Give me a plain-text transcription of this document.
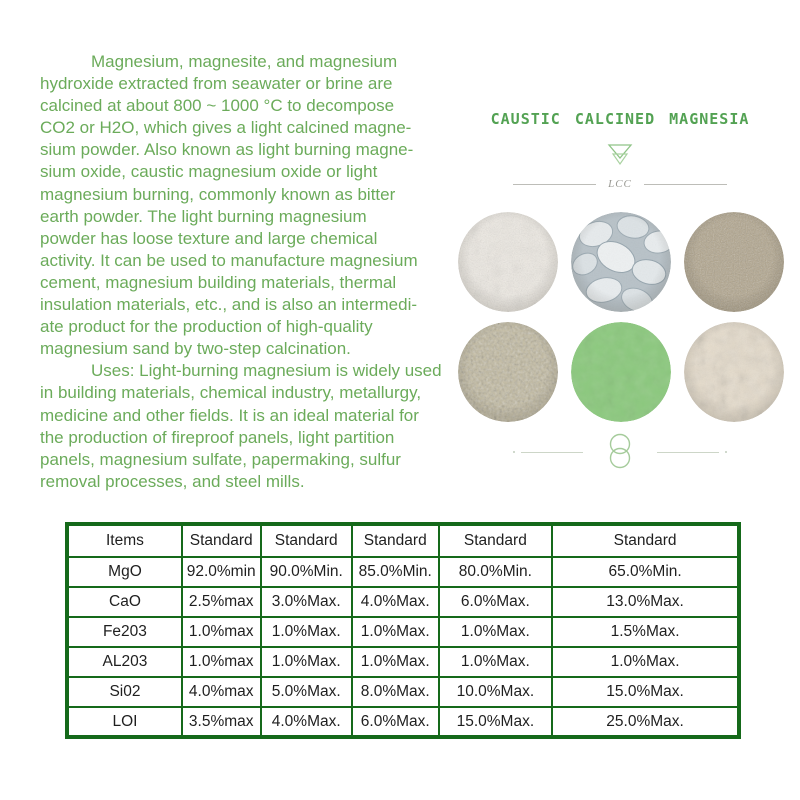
   Magnesium, magnesite, and magnesium
hydroxide extracted from seawater or brine are
calcined at about 800 ~ 1000 °C to decompose
CO2 or H2O, which gives a light calcined magne-
sium powder. Also known as light burning magne-
sium oxide, caustic magnesium oxide or light
magnesium burning, commonly known as bitter
earth powder. The light burning magnesium
powder has loose texture and large chemical
activity. It can be used to manufacture magnesium
cement, magnesium building materials, thermal
insulation materials, etc., and is also an intermedi-
ate product for the production of high-quality
magnesium sand by two-step calcination.
   Uses: Light-burning magnesium is widely used
in building materials, chemical industry, metallurgy,
medicine and other fields. It is an ideal material for
the production of fireproof panels, light partition
panels, magnesium sulfate, papermaking, sulfur
removal processes, and steel mills.
CAUSTIC CALCINED MAGNESIA
LCC
Items	Standard	Standard	Standard	Standard	Standard
MgO	92.0%min	90.0%Min.	85.0%Min.	80.0%Min.	65.0%Min.
CaO	2.5%max	3.0%Max.	4.0%Max.	6.0%Max.	13.0%Max.
Fe203	1.0%max	1.0%Max.	1.0%Max.	1.0%Max.	1.5%Max.
AL203	1.0%max	1.0%Max.	1.0%Max.	1.0%Max.	1.0%Max.
Si02	4.0%max	5.0%Max.	8.0%Max.	10.0%Max.	15.0%Max.
LOI	3.5%max	4.0%Max.	6.0%Max.	15.0%Max.	25.0%Max.
